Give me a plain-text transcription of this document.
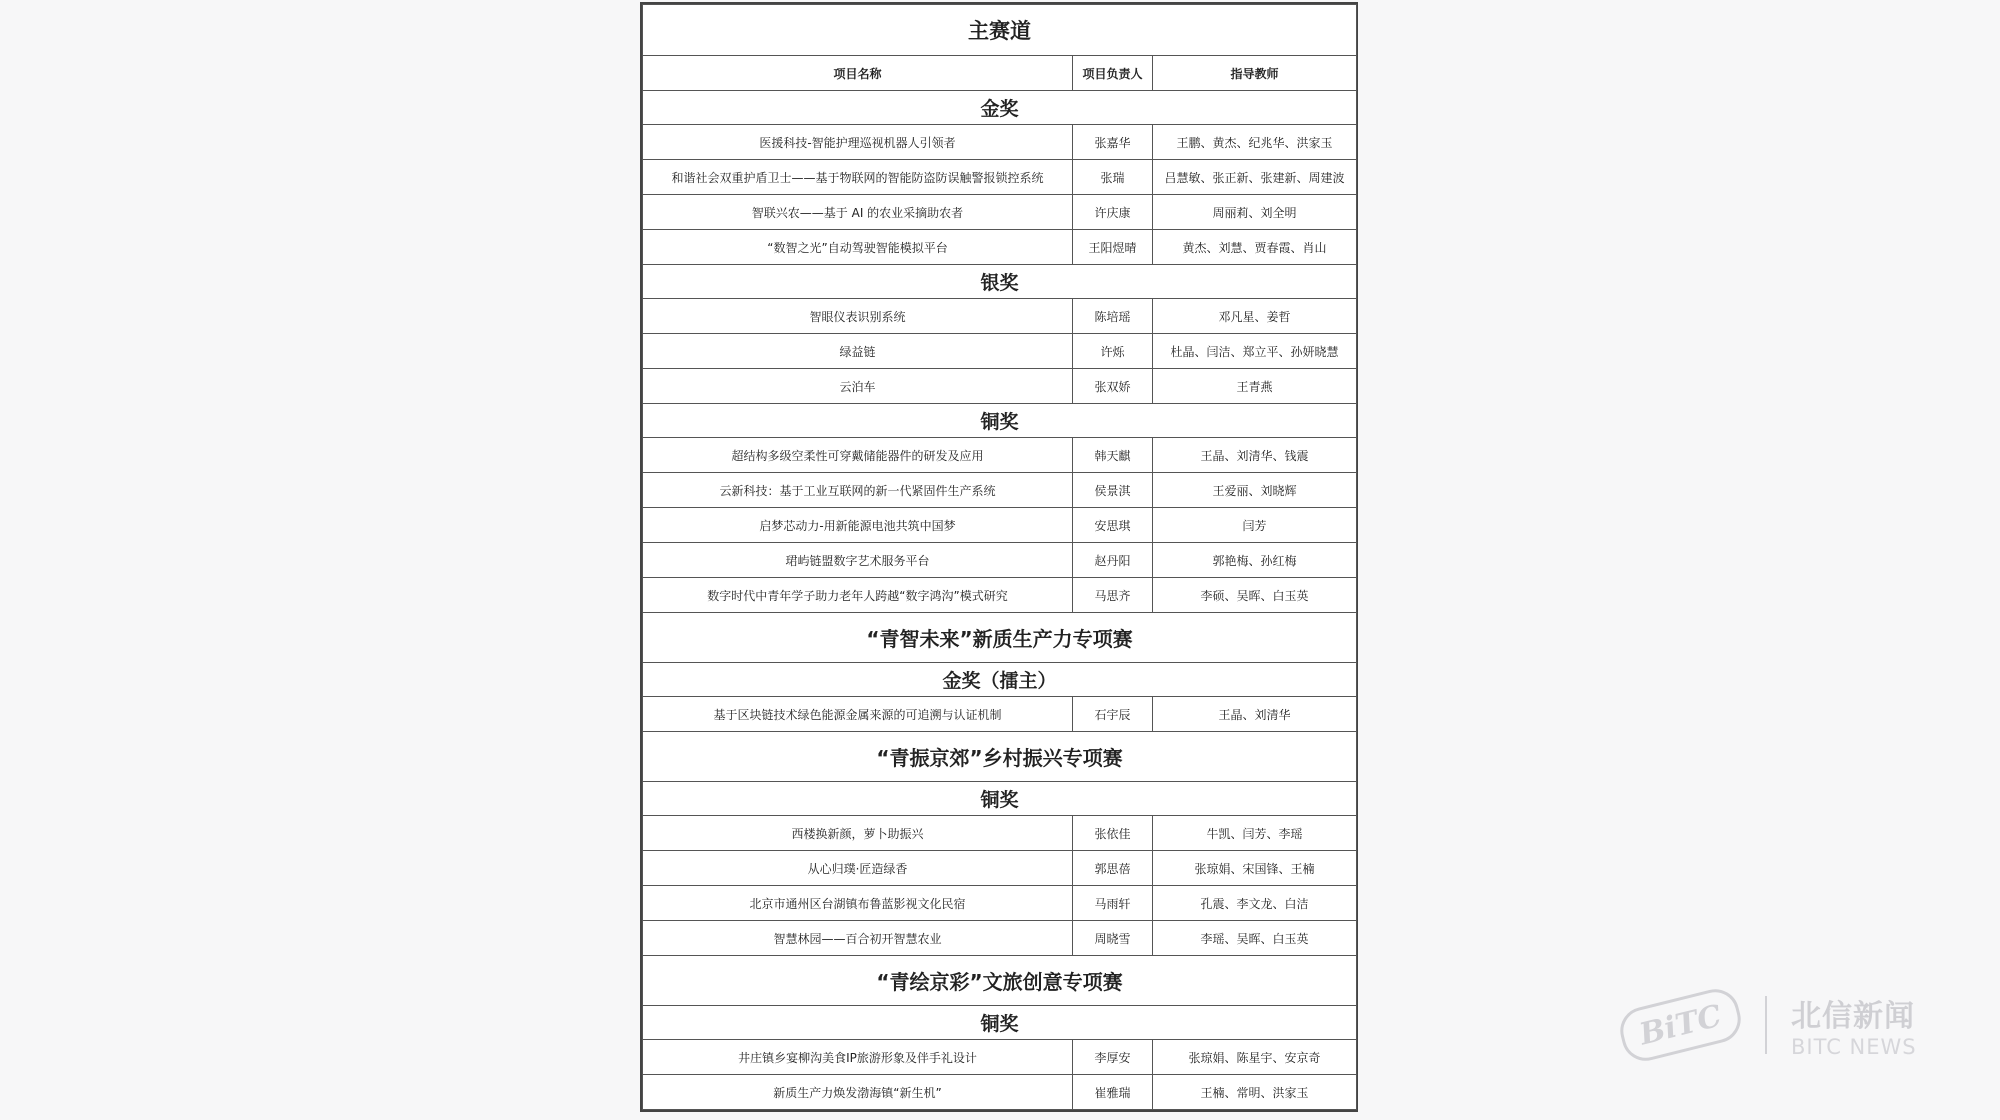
主赛道		
项目名称	项目负责人	指导教师
金奖		
医援科技-智能护理巡视机器人引领者	张嘉华	王鹏、黄杰、纪兆华、洪家玉
和谐社会双重护盾卫士——基于物联网的智能防盗防误触警报锁控系统	张瑞	吕慧敏、张正新、张建新、周建波
智联兴农——基于 AI 的农业采摘助农者	许庆康	周丽莉、刘全明
“数智之光”自动驾驶智能模拟平台	王阳煜晴	黄杰、刘慧、贾春霞、肖山
银奖		
智眼仪表识别系统	陈培瑶	邓凡星、姜哲
绿益链	许烁	杜晶、闫洁、郑立平、孙妍晓慧
云泊车	张双娇	王青燕
铜奖		
超结构多级空柔性可穿戴储能器件的研发及应用	韩天麒	王晶、刘清华、钱震
云新科技：基于工业互联网的新一代紧固件生产系统	侯景淇	王爱丽、刘晓辉
启梦芯动力-用新能源电池共筑中国梦	安思琪	闫芳
珺屿链盟数字艺术服务平台	赵丹阳	郭艳梅、孙红梅
数字时代中青年学子助力老年人跨越“数字鸿沟”模式研究	马思齐	李硕、吴晖、白玉英
“青智未来”新质生产力专项赛		
金奖（擂主）		
基于区块链技术绿色能源金属来源的可追溯与认证机制	石宇辰	王晶、刘清华
“青振京郊”乡村振兴专项赛		
铜奖		
西楼换新颜，萝卜助振兴	张依佳	牛凯、闫芳、李瑶
从心归璞·匠造绿香	郭思蓓	张琼娟、宋国锋、王楠
北京市通州区台湖镇布鲁蓝影视文化民宿	马雨轩	孔震、李文龙、白洁
智慧林园——百合初开智慧农业	周晓雪	李瑶、吴晖、白玉英
“青绘京彩”文旅创意专项赛		
铜奖		
井庄镇乡宴柳沟美食IP旅游形象及伴手礼设计	李厚安	张琼娟、陈星宇、安京奇
新质生产力焕发渤海镇“新生机”	崔雅瑞	王楠、常明、洪家玉
BiTC	北信新闻
BITC NEWS
